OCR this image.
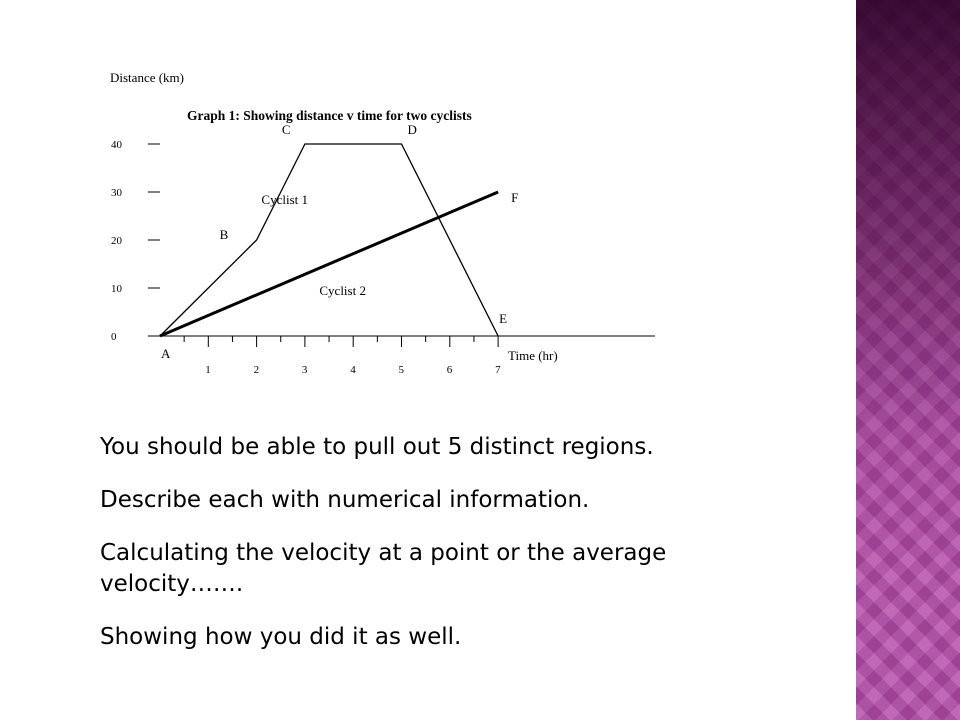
Distance (km)
Graph 1: Showing distance v time for two cyclists
Time (hr)
0
10
20
30
40
1	2	3	4	5	6	7
Cyclist 1
Cyclist 2
A
B
C	D
E
F

You should be able to pull out 5 distinct regions.

Describe each with numerical information.

Calculating the velocity at a point or the average velocity…….

Showing how you did it as well.
